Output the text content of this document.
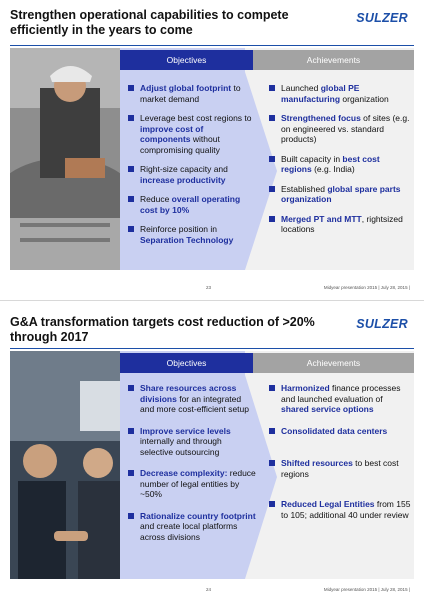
Strengthen operational capabilities to compete efficiently in the years to come
SULZER
Objectives	Achievements
Adjust global footprint to market demand
Leverage best cost regions to improve cost of components without compromising quality
Right-size capacity and increase productivity
Reduce overall operating cost by 10%
Reinforce position in Separation Technology
Launched global PE manufacturing organization
Strengthened focus of sites (e.g. on engineered vs. standard products)
Built capacity in best cost regions (e.g. India)
Established global spare parts organization
Merged PT and MTT, rightsized locations
23	Midyear presentation 2015 | July 28, 2015 |
G&A transformation targets cost reduction of >20% through 2017
SULZER
Objectives	Achievements
Share resources across divisions for an integrated and more cost-efficient setup
Improve service levels internally and through selective outsourcing
Decrease complexity: reduce number of legal entities by ~50%
Rationalize country footprint and create local platforms across divisions
Harmonized finance processes and launched evaluation of shared service options
Consolidated data centers
Shifted resources to best cost regions
Reduced Legal Entities from 155 to 105; additional 40 under review
24	Midyear presentation 2015 | July 28, 2015 |
